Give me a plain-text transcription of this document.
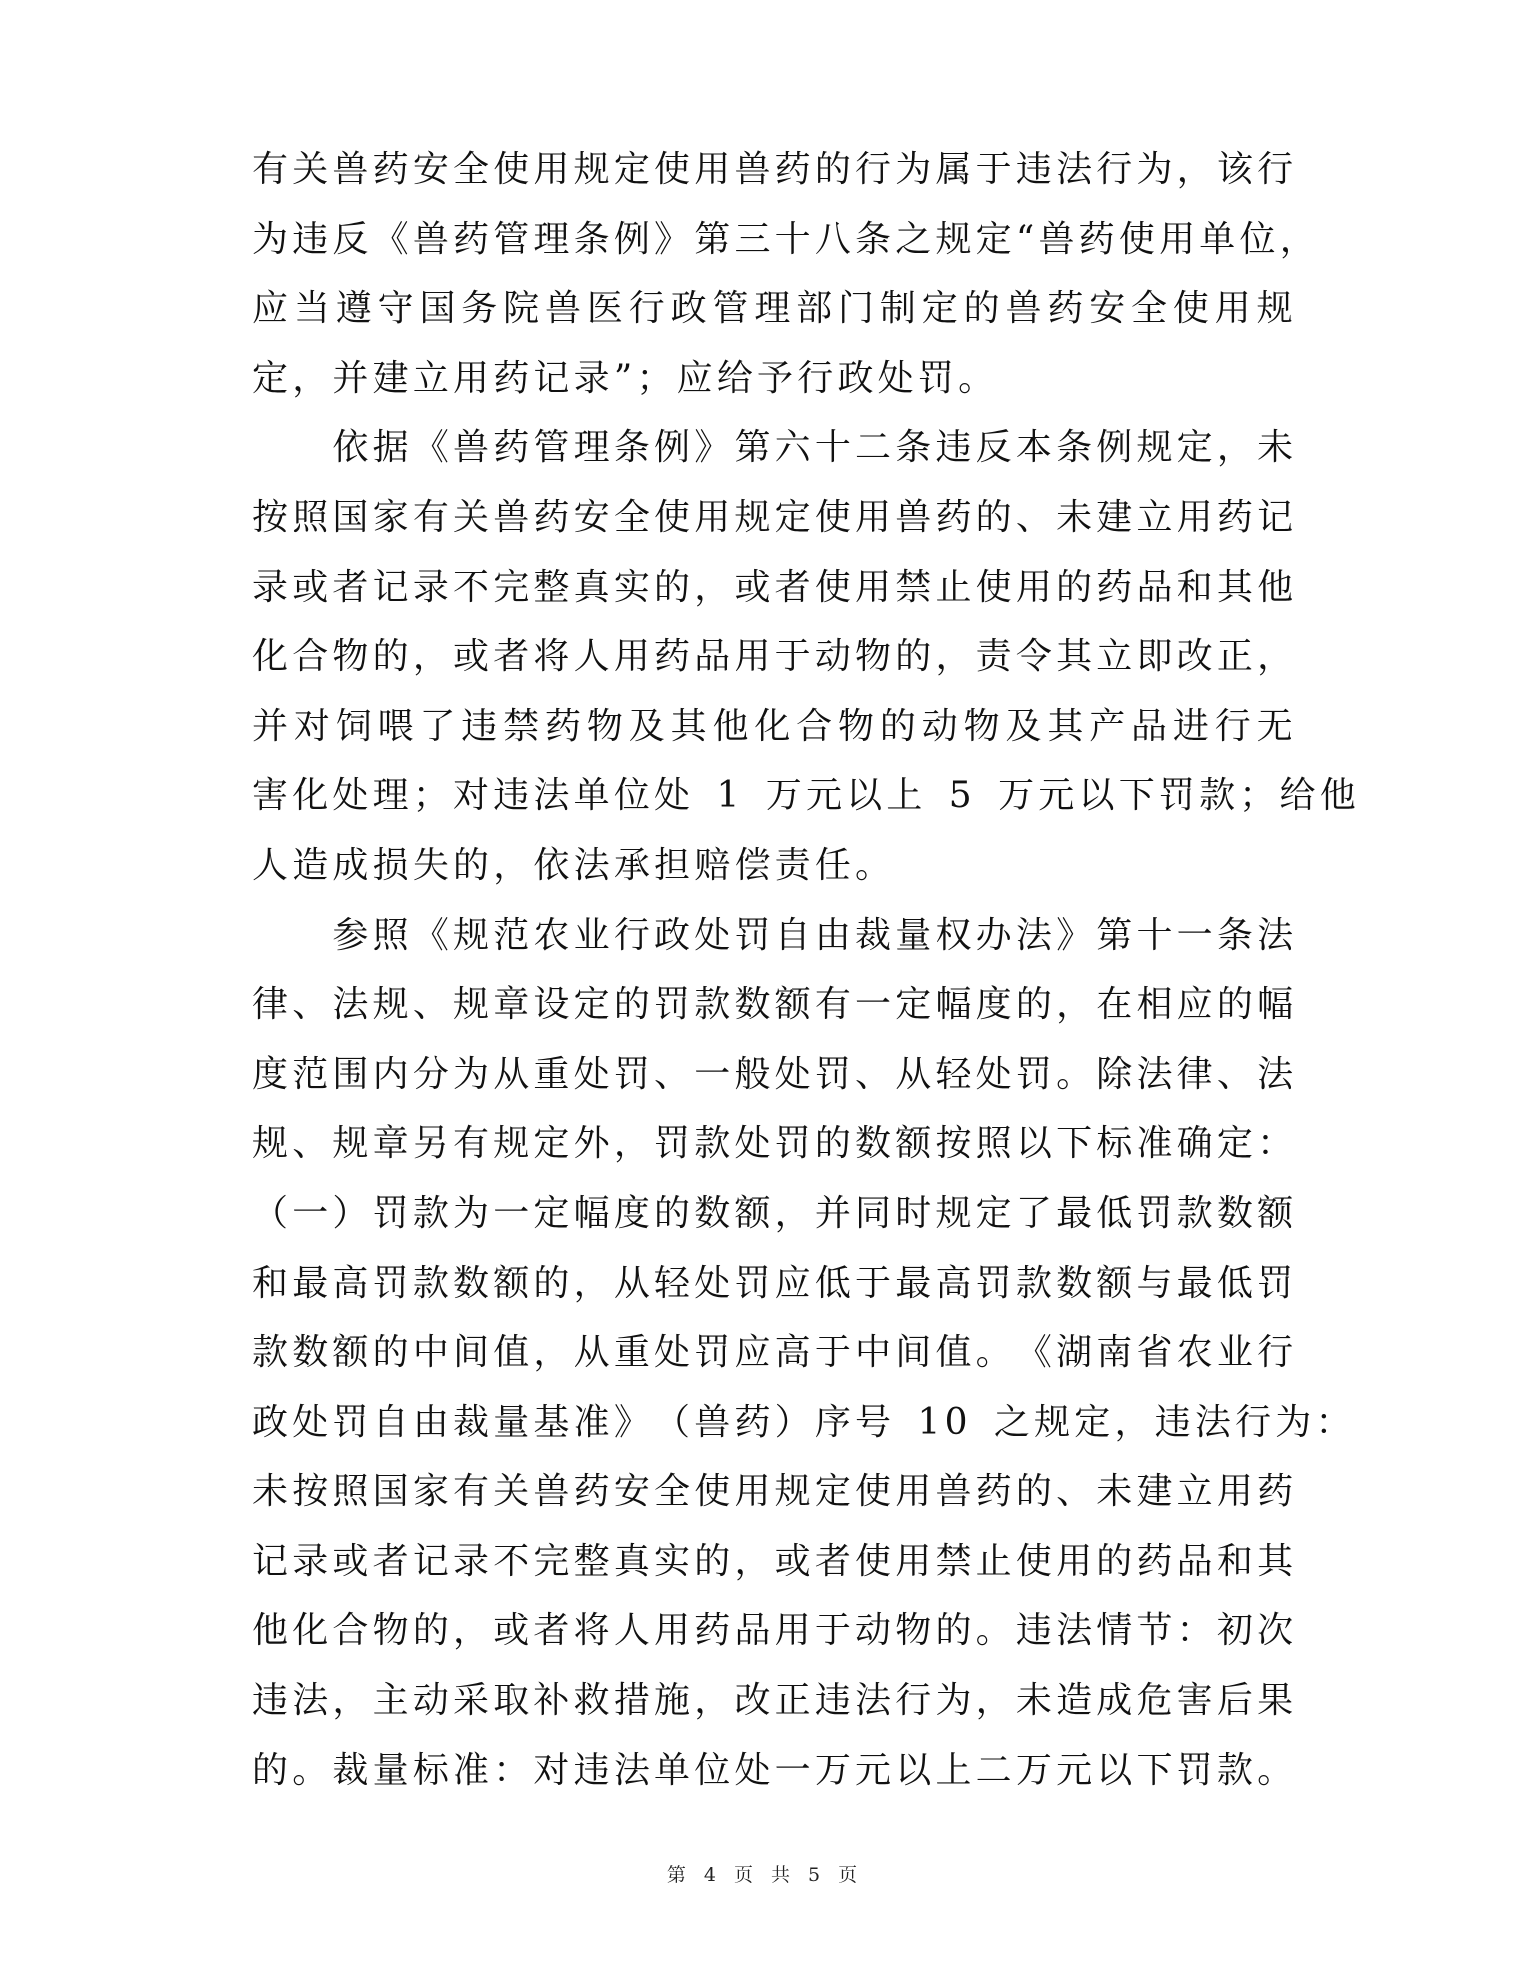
有 关 兽 药 安 全 使 用 规 定 使 用 兽 药 的 行 为 属 于 违 法 行 为 ， 该 行
为 违 反 《 兽 药 管 理 条 例 》 第 三 十 八 条 之 规 定 “ 兽 药 使 用 单 位 ，
应 当 遵 守 国 务 院 兽 医 行 政 管 理 部 门 制 定 的 兽 药 安 全 使 用 规
定 ， 并 建 立 用 药 记 录 ” ； 应 给 予 行 政 处 罚 。

依 据 《 兽 药 管 理 条 例 》 第 六 十 二 条 违 反 本 条 例 规 定 ， 未
按 照 国 家 有 关 兽 药 安 全 使 用 规 定 使 用 兽 药 的 、 未 建 立 用 药 记
录 或 者 记 录 不 完 整 真 实 的 ， 或 者 使 用 禁 止 使 用 的 药 品 和 其 他
化 合 物 的 ， 或 者 将 人 用 药 品 用 于 动 物 的 ， 责 令 其 立 即 改 正 ，
并 对 饲 喂 了 违 禁 药 物 及 其 他 化 合 物 的 动 物 及 其 产 品 进 行 无
害 化 处 理 ； 对 违 法 单 位 处
  1
  万 元 以 上
  5
  万 元 以 下 罚 款 ； 给 他
人 造 成 损 失 的 ， 依 法 承 担 赔 偿 责 任 。

参 照 《 规 范 农 业 行 政 处 罚 自 由 裁 量 权 办 法 》 第 十 一 条 法
律 、 法 规 、 规 章 设 定 的 罚 款 数 额 有 一 定 幅 度 的 ， 在 相 应 的 幅
度 范 围 内 分 为 从 重 处 罚 、 一 般 处 罚 、 从 轻 处 罚 。 除 法 律 、 法
规 、 规 章 另 有 规 定 外 ， 罚 款 处 罚 的 数 额 按 照 以 下 标 准 确 定 ：
（ 一 ） 罚 款 为 一 定 幅 度 的 数 额 ， 并 同 时 规 定 了 最 低 罚 款 数 额
和 最 高 罚 款 数 额 的 ， 从 轻 处 罚 应 低 于 最 高 罚 款 数 额 与 最 低 罚
款 数 额 的 中 间 值 ， 从 重 处 罚 应 高 于 中 间 值 。 《 湖 南 省 农 业 行
政 处 罚 自 由 裁 量 基 准 》 （ 兽 药 ） 序 号
  1 0
  之 规 定 ， 违 法 行 为 ：
未 按 照 国 家 有 关 兽 药 安 全 使 用 规 定 使 用 兽 药 的 、 未 建 立 用 药
记 录 或 者 记 录 不 完 整 真 实 的 ， 或 者 使 用 禁 止 使 用 的 药 品 和 其
他 化 合 物 的 ， 或 者 将 人 用 药 品 用 于 动 物 的 。 违 法 情 节 ： 初 次
违 法 ， 主 动 采 取 补 救 措 施 ， 改 正 违 法 行 为 ， 未 造 成 危 害 后 果
的 。 裁 量 标 准 ： 对 违 法 单 位 处 一 万 元 以 上 二 万 元 以 下 罚 款 。
第 4 页 共 5 页
